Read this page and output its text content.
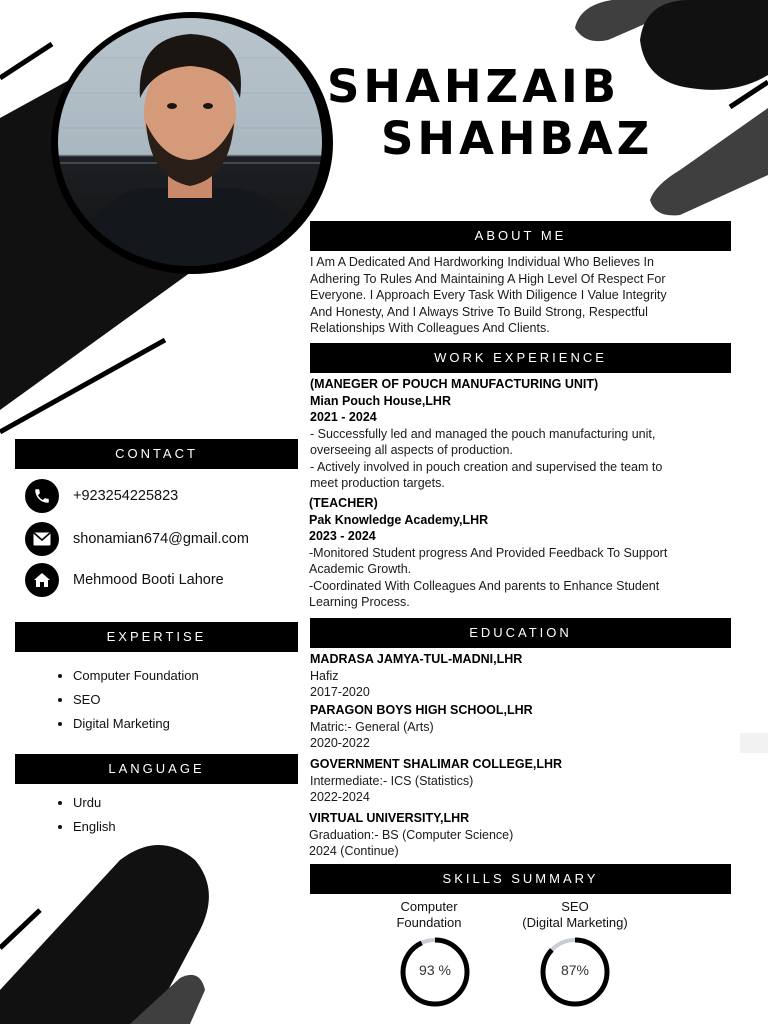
SHAHZAIB
SHAHBAZ
ABOUT ME
I Am A Dedicated And Hardworking Individual Who Believes In
Adhering To Rules And Maintaining A High Level Of Respect For
Everyone. I Approach Every Task With Diligence I Value Integrity
And Honesty, And I Always Strive To Build Strong, Respectful
Relationships With Colleagues And Clients.
WORK EXPERIENCE
(MANEGER OF POUCH MANUFACTURING UNIT)
Mian Pouch House,LHR
2021 - 2024
- Successfully led and managed the pouch manufacturing unit,
overseeing all aspects of production.
- Actively involved in pouch creation and supervised the team to
meet production targets.
(TEACHER)
Pak Knowledge Academy,LHR
2023 - 2024
-Monitored Student progress And Provided Feedback To Support
Academic Growth.
-Coordinated With Colleagues And parents to Enhance Student
Learning Process.
CONTACT
+923254225823
shonamian674@gmail.com
Mehmood Booti Lahore
EXPERTISE
• Computer Foundation
• SEO
• Digital Marketing
LANGUAGE
• Urdu
• English
EDUCATION
MADRASA JAMYA-TUL-MADNI,LHR
Hafiz
2017-2020
PARAGON BOYS HIGH SCHOOL,LHR
Matric:- General (Arts)
2020-2022
GOVERNMENT SHALIMAR COLLEGE,LHR
Intermediate:- ICS (Statistics)
2022-2024
VIRTUAL UNIVERSITY,LHR
Graduation:- BS (Computer Science)
2024 (Continue)
SKILLS SUMMARY
Computer
Foundation
SEO
(Digital Marketing)
93 %	87%
